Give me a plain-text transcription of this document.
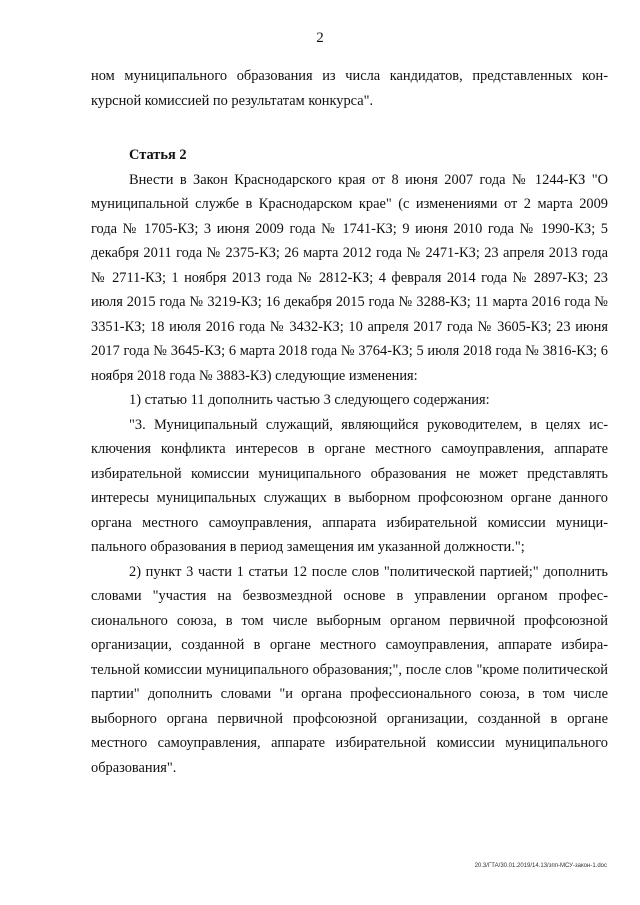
2

ном муниципального образования из числа кандидатов, представленных конкурсной комиссией по результатам конкурса".

Статья 2

Внести в Закон Краснодарского края от 8 июня 2007 года № 1244-КЗ "О муниципальной службе в Краснодарском крае" (с изменениями от 2 марта 2009 года № 1705-КЗ; 3 июня 2009 года № 1741-КЗ; 9 июня 2010 года № 1990-КЗ; 5 декабря 2011 года № 2375-КЗ; 26 марта 2012 года № 2471-КЗ; 23 апреля 2013 года № 2711-КЗ; 1 ноября 2013 года № 2812-КЗ; 4 февраля 2014 года № 2897-КЗ; 23 июля 2015 года № 3219-КЗ; 16 декабря 2015 года № 3288-КЗ; 11 марта 2016 года № 3351-КЗ; 18 июля 2016 года № 3432-КЗ; 10 апреля 2017 года № 3605-КЗ; 23 июня 2017 года № 3645-КЗ; 6 марта 2018 года № 3764-КЗ; 5 июля 2018 года № 3816-КЗ; 6 ноября 2018 года № 3883-КЗ) следующие изменения:

1) статью 11 дополнить частью 3 следующего содержания:

"3. Муниципальный служащий, являющийся руководителем, в целях исключения конфликта интересов в органе местного самоуправления, аппарате избирательной комиссии муниципального образования не может представлять интересы муниципальных служащих в выборном профсоюзном органе данного органа местного самоуправления, аппарата избирательной комиссии муниципального образования в период замещения им указанной должности.";

2) пункт 3 части 1 статьи 12 после слов "политической партией;" дополнить словами "участия на безвозмездной основе в управлении органом профессионального союза, в том числе выборным органом первичной профсоюзной организации, созданной в органе местного самоуправления, аппарате избирательной комиссии муниципального образования;", после слов "кроме политической партии" дополнить словами "и органа профессионального союза, в том числе выборного органа первичной профсоюзной организации, созданной в органе местного самоуправления, аппарате избирательной комиссии муниципального образования".

20.3/ГТА/30.01.2019/14.13/зпп-МСУ-закон-1.doc
